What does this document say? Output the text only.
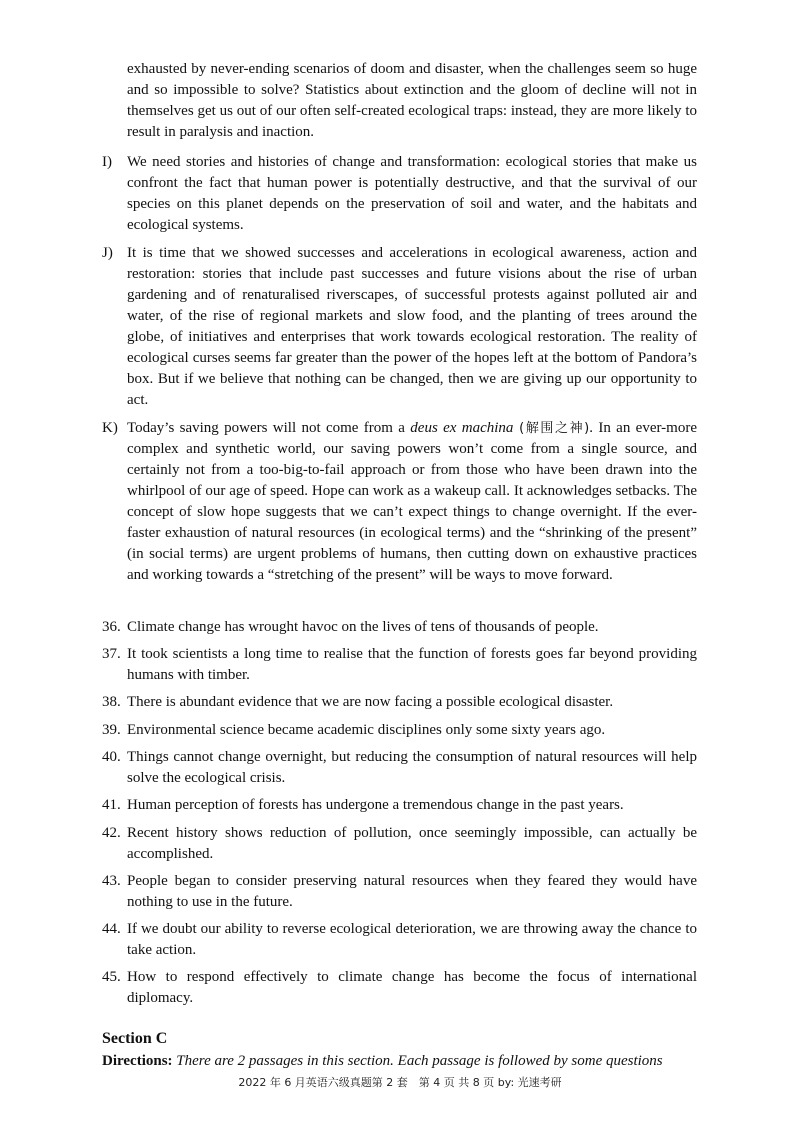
exhausted by never-ending scenarios of doom and disaster, when the challenges seem so huge and so impossible to solve? Statistics about extinction and the gloom of decline will not in themselves get us out of our often self-created ecological traps: instead, they are more likely to result in paralysis and inaction.
I) We need stories and histories of change and transformation: ecological stories that make us confront the fact that human power is potentially destructive, and that the survival of our species on this planet depends on the preservation of soil and water, and the habitats and ecological systems.
J) It is time that we showed successes and accelerations in ecological awareness, action and restoration: stories that include past successes and future visions about the rise of urban gardening and of renaturalised riverscapes, of successful protests against polluted air and water, of the rise of regional markets and slow food, and the planting of trees around the globe, of initiatives and enterprises that work towards ecological restoration. The reality of ecological curses seems far greater than the power of the hopes left at the bottom of Pandora’s box. But if we believe that nothing can be changed, then we are giving up our opportunity to act.
K) Today’s saving powers will not come from a deus ex machina (解围之神). In an ever-more complex and synthetic world, our saving powers won’t come from a single source, and certainly not from a too-big-to-fail approach or from those who have been drawn into the whirlpool of our age of speed. Hope can work as a wakeup call. It acknowledges setbacks. The concept of slow hope suggests that we can’t expect things to change overnight. If the ever-faster exhaustion of natural resources (in ecological terms) and the “shrinking of the present” (in social terms) are urgent problems of humans, then cutting down on exhaustive practices and working towards a “stretching of the present” will be ways to move forward.
36. Climate change has wrought havoc on the lives of tens of thousands of people.
37. It took scientists a long time to realise that the function of forests goes far beyond providing humans with timber.
38. There is abundant evidence that we are now facing a possible ecological disaster.
39. Environmental science became academic disciplines only some sixty years ago.
40. Things cannot change overnight, but reducing the consumption of natural resources will help solve the ecological crisis.
41. Human perception of forests has undergone a tremendous change in the past years.
42. Recent history shows reduction of pollution, once seemingly impossible, can actually be accomplished.
43. People began to consider preserving natural resources when they feared they would have nothing to use in the future.
44. If we doubt our ability to reverse ecological deterioration, we are throwing away the chance to take action.
45. How to respond effectively to climate change has become the focus of international diplomacy.
Section C
Directions: There are 2 passages in this section. Each passage is followed by some questions
2022 年 6 月英语六级真题第 2 套　第 4 页 共 8 页 by: 光速考研
